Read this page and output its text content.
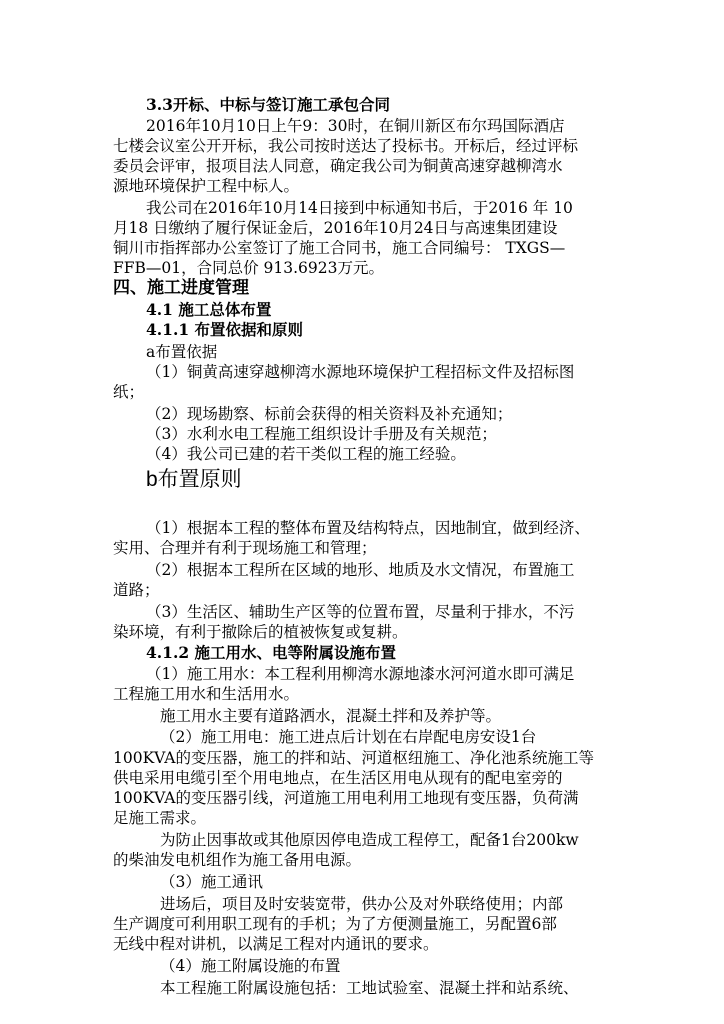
3.3开标、中标与签订施工承包合同
2016年10月10日上午9：30时，在铜川新区布尔玛国际酒店
七楼会议室公开开标，我公司按时送达了投标书。开标后，经过评标
委员会评审，报项目法人同意，确定我公司为铜黄高速穿越柳湾水
源地环境保护工程中标人。
我公司在2016年10月14日接到中标通知书后，于2016 年 10
月18 日缴纳了履行保证金后，2016年10月24日与高速集团建设
铜川市指挥部办公室签订了施工合同书，施工合同编号： TXGS—
FFB—01，合同总价 913.6923万元。
四、施工进度管理
4.1 施工总体布置
4.1.1 布置依据和原则
a布置依据
（1）铜黄高速穿越柳湾水源地环境保护工程招标文件及招标图
纸；
（2）现场勘察、标前会获得的相关资料及补充通知；
（3）水利水电工程施工组织设计手册及有关规范；
（4）我公司已建的若干类似工程的施工经验。
b布置原则
（1）根据本工程的整体布置及结构特点，因地制宜，做到经济、
实用、合理并有利于现场施工和管理；
（2）根据本工程所在区域的地形、地质及水文情况，布置施工
道路；
（3）生活区、辅助生产区等的位置布置，尽量利于排水，不污
染环境，有利于撤除后的植被恢复或复耕。
4.1.2 施工用水、电等附属设施布置
（1）施工用水：本工程利用柳湾水源地漆水河河道水即可满足
工程施工用水和生活用水。
施工用水主要有道路洒水，混凝土拌和及养护等。
（2）施工用电：施工进点后计划在右岸配电房安设1台
100KVA的变压器，施工的拌和站、河道枢纽施工、净化池系统施工等
供电采用电缆引至个用电地点，在生活区用电从现有的配电室旁的
100KVA的变压器引线，河道施工用电利用工地现有变压器，负荷满
足施工需求。
为防止因事故或其他原因停电造成工程停工，配备1台200kw
的柴油发电机组作为施工备用电源。
（3）施工通讯
进场后，项目及时安装宽带，供办公及对外联络使用；内部
生产调度可利用职工现有的手机；为了方便测量施工，另配置6部
无线中程对讲机，以满足工程对内通讯的要求。
（4）施工附属设施的布置
本工程施工附属设施包括：工地试验室、混凝土拌和站系统、
